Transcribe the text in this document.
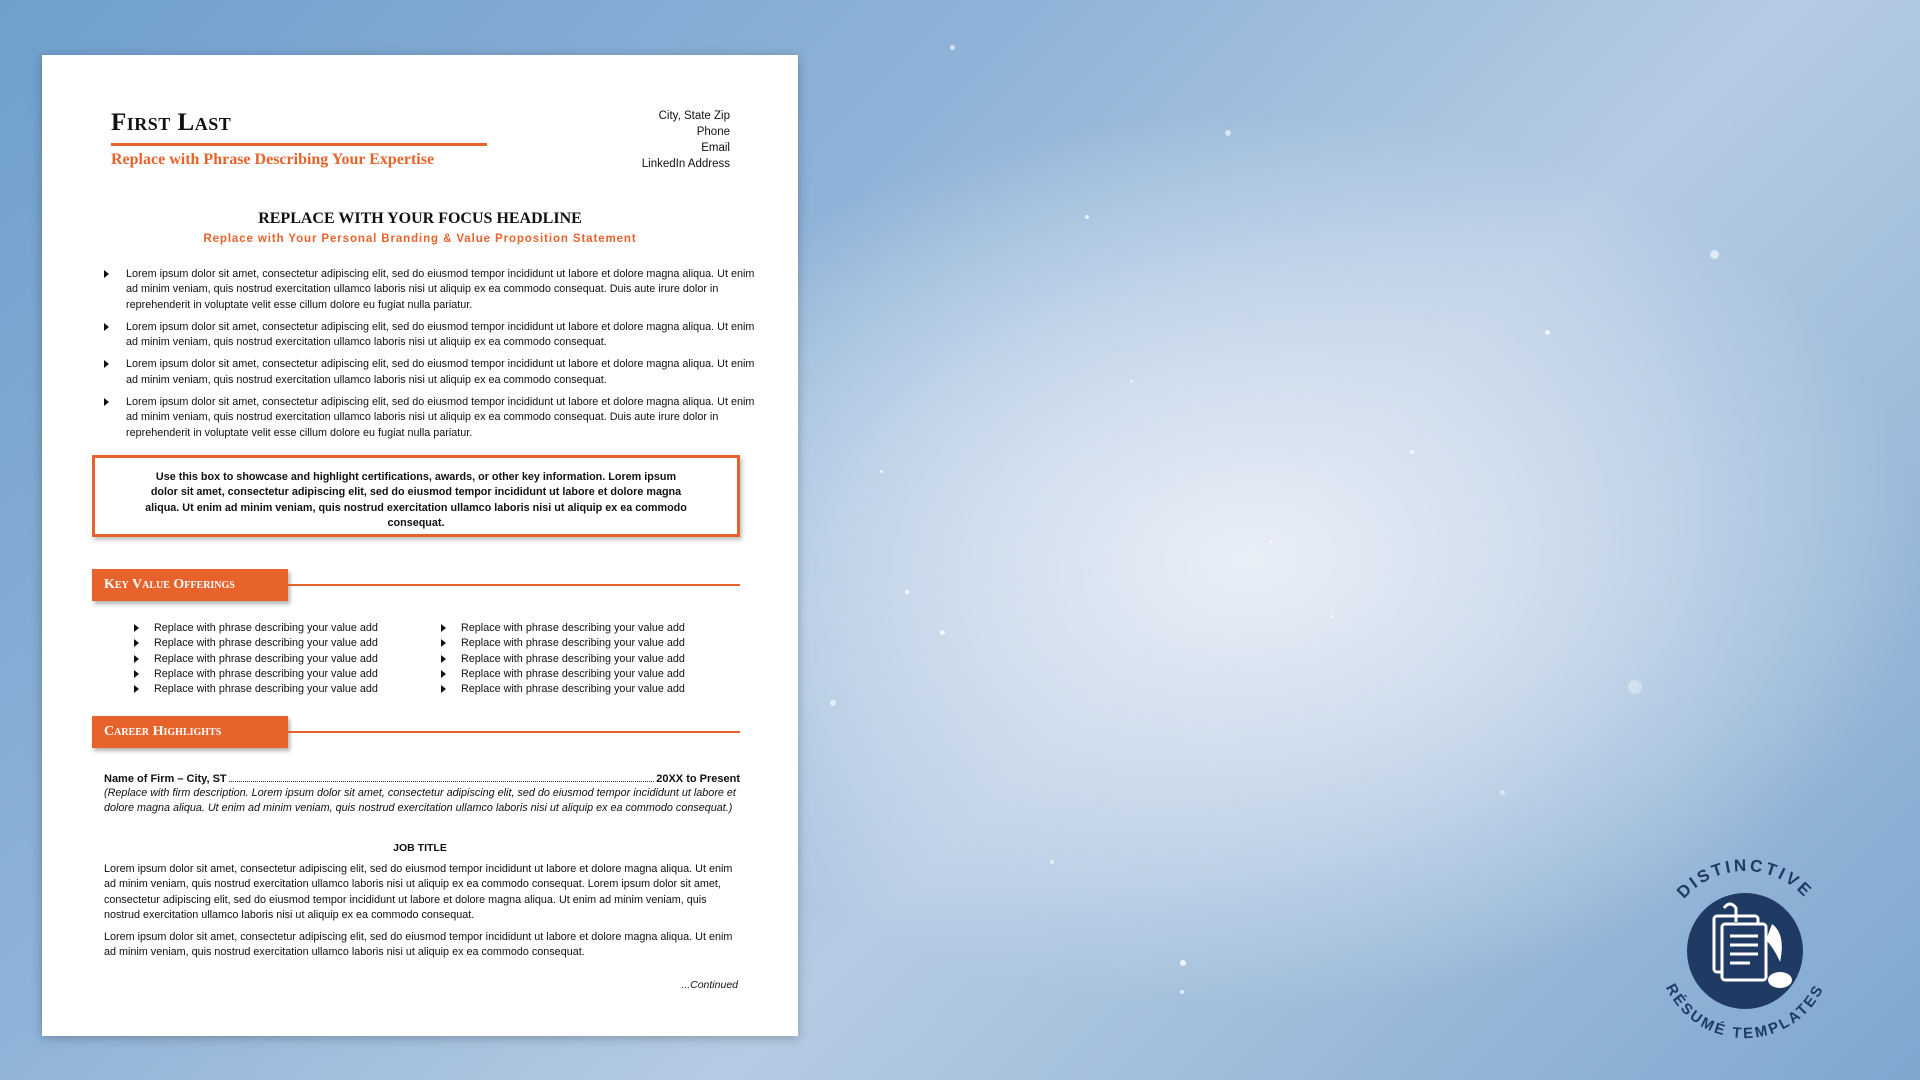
First Last
Replace with Phrase Describing Your Expertise
City, State Zip
Phone
Email
LinkedIn Address
REPLACE WITH YOUR FOCUS HEADLINE
Replace with Your Personal Branding & Value Proposition Statement
Lorem ipsum dolor sit amet, consectetur adipiscing elit, sed do eiusmod tempor incididunt ut labore et dolore magna aliqua. Ut enim ad minim veniam, quis nostrud exercitation ullamco laboris nisi ut aliquip ex ea commodo consequat. Duis aute irure dolor in reprehenderit in voluptate velit esse cillum dolore eu fugiat nulla pariatur.
Lorem ipsum dolor sit amet, consectetur adipiscing elit, sed do eiusmod tempor incididunt ut labore et dolore magna aliqua. Ut enim ad minim veniam, quis nostrud exercitation ullamco laboris nisi ut aliquip ex ea commodo consequat.
Lorem ipsum dolor sit amet, consectetur adipiscing elit, sed do eiusmod tempor incididunt ut labore et dolore magna aliqua. Ut enim ad minim veniam, quis nostrud exercitation ullamco laboris nisi ut aliquip ex ea commodo consequat.
Lorem ipsum dolor sit amet, consectetur adipiscing elit, sed do eiusmod tempor incididunt ut labore et dolore magna aliqua. Ut enim ad minim veniam, quis nostrud exercitation ullamco laboris nisi ut aliquip ex ea commodo consequat. Duis aute irure dolor in reprehenderit in voluptate velit esse cillum dolore eu fugiat nulla pariatur.
Use this box to showcase and highlight certifications, awards, or other key information. Lorem ipsum dolor sit amet, consectetur adipiscing elit, sed do eiusmod tempor incididunt ut labore et dolore magna aliqua. Ut enim ad minim veniam, quis nostrud exercitation ullamco laboris nisi ut aliquip ex ea commodo consequat.
Key Value Offerings
Replace with phrase describing your value add
Replace with phrase describing your value add
Replace with phrase describing your value add
Replace with phrase describing your value add
Replace with phrase describing your value add
Replace with phrase describing your value add
Replace with phrase describing your value add
Replace with phrase describing your value add
Replace with phrase describing your value add
Replace with phrase describing your value add
Career Highlights
Name of Firm – City, ST	20XX to Present
(Replace with firm description. Lorem ipsum dolor sit amet, consectetur adipiscing elit, sed do eiusmod tempor incididunt ut labore et dolore magna aliqua. Ut enim ad minim veniam, quis nostrud exercitation ullamco laboris nisi ut aliquip ex ea commodo consequat.)
JOB TITLE
Lorem ipsum dolor sit amet, consectetur adipiscing elit, sed do eiusmod tempor incididunt ut labore et dolore magna aliqua. Ut enim ad minim veniam, quis nostrud exercitation ullamco laboris nisi ut aliquip ex ea commodo consequat. Lorem ipsum dolor sit amet, consectetur adipiscing elit, sed do eiusmod tempor incididunt ut labore et dolore magna aliqua. Ut enim ad minim veniam, quis nostrud exercitation ullamco laboris nisi ut aliquip ex ea commodo consequat.
Lorem ipsum dolor sit amet, consectetur adipiscing elit, sed do eiusmod tempor incididunt ut labore et dolore magna aliqua. Ut enim ad minim veniam, quis nostrud exercitation ullamco laboris nisi ut aliquip ex ea commodo consequat.
...Continued
DISTINCTIVE
RÉSUMÉ TEMPLATES
